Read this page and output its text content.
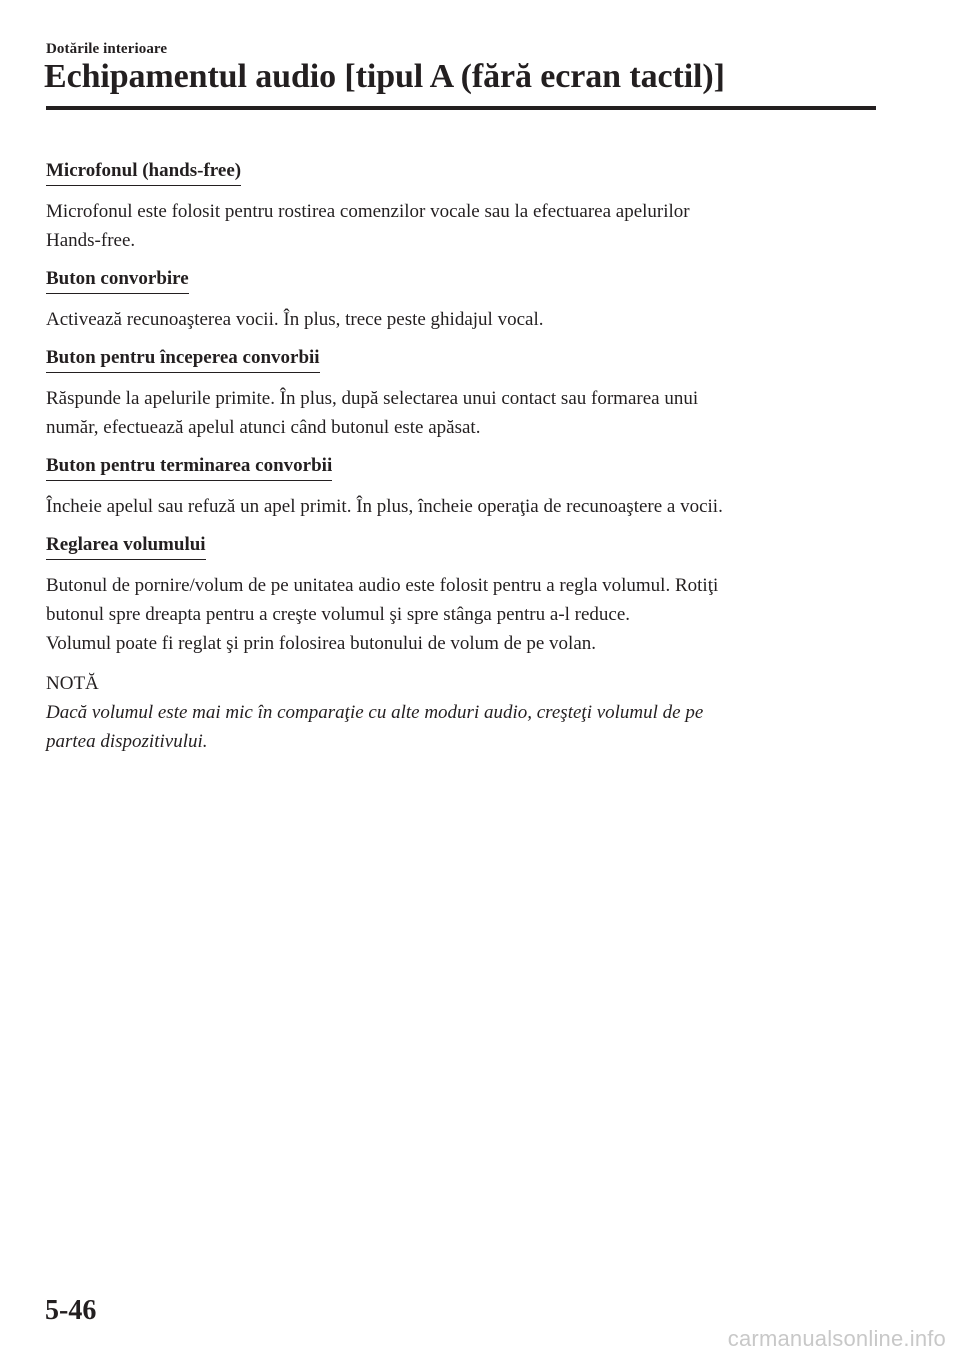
Dotările interioare
Echipamentul audio [tipul A (fără ecran tactil)]
Microfonul (hands-free)

Microfonul este folosit pentru rostirea comenzilor vocale sau la efectuarea apelurilor
Hands-free.

Buton convorbire

Activează recunoaşterea vocii. În plus, trece peste ghidajul vocal.

Buton pentru începerea convorbii

Răspunde la apelurile primite. În plus, după selectarea unui contact sau formarea unui
număr, efectuează apelul atunci când butonul este apăsat.

Buton pentru terminarea convorbii

Încheie apelul sau refuză un apel primit. În plus, încheie operaţia de recunoaştere a vocii.

Reglarea volumului

Butonul de pornire/volum de pe unitatea audio este folosit pentru a regla volumul. Rotiţi
butonul spre dreapta pentru a creşte volumul şi spre stânga pentru a-l reduce.
Volumul poate fi reglat şi prin folosirea butonului de volum de pe volan.

NOTĂ

Dacă volumul este mai mic în comparaţie cu alte moduri audio, creşteţi volumul de pe
partea dispozitivului.

5-46
carmanualsonline.info
